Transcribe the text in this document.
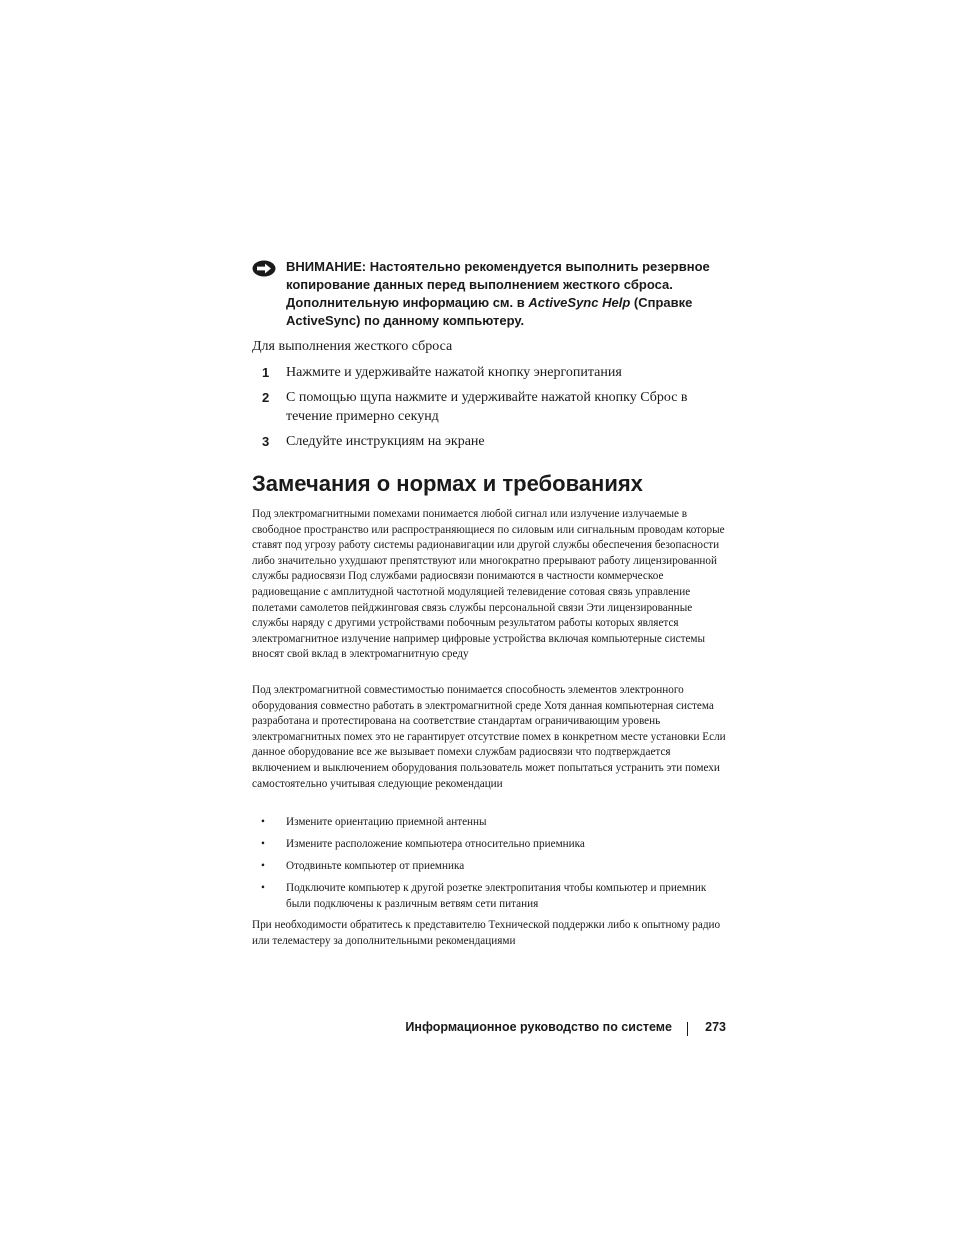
ВНИМАНИЕ: Настоятельно рекомендуется выполнить резервное копирование данных перед выполнением жесткого сброса. Дополнительную информацию см. в ActiveSync Help (Справке ActiveSync) по данному компьютеру.
Для выполнения жесткого сброса
1 Нажмите и удерживайте нажатой кнопку энергопитания
2 С помощью щупа нажмите и удерживайте нажатой кнопку Сброс в течение примерно секунд
3 Следуйте инструкциям на экране
Замечания о нормах и требованиях

Под электромагнитными помехами понимается любой сигнал или излучение излучаемые в свободное пространство или распространяющиеся по силовым или сигнальным проводам которые ставят под угрозу работу системы радионавигации или другой службы обеспечения безопасности либо значительно ухудшают препятствуют или многократно прерывают работу лицензированной службы радиосвязи Под службами радиосвязи понимаются в частности коммерческое радиовещание с амплитудной частотной модуляцией телевидение сотовая связь управление полетами самолетов пейджинговая связь службы персональной связи Эти лицензированные службы наряду с другими устройствами побочным результатом работы которых является электромагнитное излучение например цифровые устройства включая компьютерные системы вносят свой вклад в электромагнитную среду

Под электромагнитной совместимостью понимается способность элементов электронного оборудования совместно работать в электромагнитной среде Хотя данная компьютерная система разработана и протестирована на соответствие стандартам ограничивающим уровень электромагнитных помех это не гарантирует отсутствие помех в конкретном месте установки Если данное оборудование все же вызывает помехи службам радиосвязи что подтверждается включением и выключением оборудования пользователь может попытаться устранить эти помехи самостоятельно учитывая следующие рекомендации

• Измените ориентацию приемной антенны
• Измените расположение компьютера относительно приемника
• Отодвиньте компьютер от приемника
• Подключите компьютер к другой розетке электропитания чтобы компьютер и приемник были подключены к различным ветвям сети питания

При необходимости обратитесь к представителю Технической поддержки либо к опытному радио или телемастеру за дополнительными рекомендациями

Информационное руководство по системе	273
